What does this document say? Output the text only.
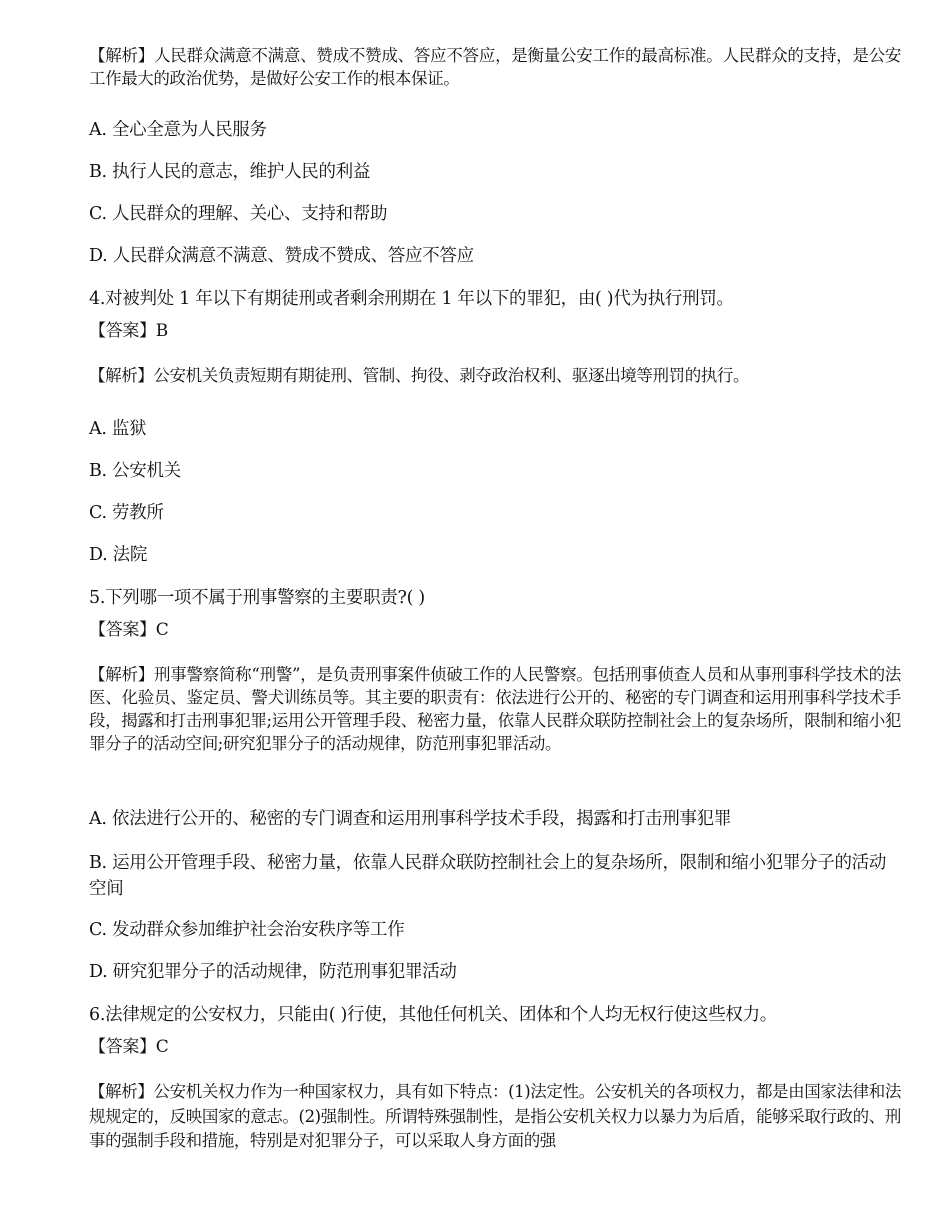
【解析】人民群众满意不满意、赞成不赞成、答应不答应，是衡量公安工作的最高标准。人民群众的支持，是公安工作最大的政治优势，是做好公安工作的根本保证。

A. 全心全意为人民服务

B. 执行人民的意志，维护人民的利益

C. 人民群众的理解、关心、支持和帮助

D. 人民群众满意不满意、赞成不赞成、答应不答应

4.对被判处 1 年以下有期徒刑或者剩余刑期在 1 年以下的罪犯，由( )代为执行刑罚。

【答案】B

【解析】公安机关负责短期有期徒刑、管制、拘役、剥夺政治权利、驱逐出境等刑罚的执行。

A. 监狱

B. 公安机关

C. 劳教所

D. 法院

5.下列哪一项不属于刑事警察的主要职责?( )

【答案】C

【解析】刑事警察简称“刑警”，是负责刑事案件侦破工作的人民警察。包括刑事侦查人员和从事刑事科学技术的法医、化验员、鉴定员、警犬训练员等。其主要的职责有：依法进行公开的、秘密的专门调查和运用刑事科学技术手段，揭露和打击刑事犯罪;运用公开管理手段、秘密力量，依靠人民群众联防控制社会上的复杂场所，限制和缩小犯罪分子的活动空间;研究犯罪分子的活动规律，防范刑事犯罪活动。

A. 依法进行公开的、秘密的专门调查和运用刑事科学技术手段，揭露和打击刑事犯罪

B. 运用公开管理手段、秘密力量，依靠人民群众联防控制社会上的复杂场所，限制和缩小犯罪分子的活动空间

C. 发动群众参加维护社会治安秩序等工作

D. 研究犯罪分子的活动规律，防范刑事犯罪活动

6.法律规定的公安权力，只能由( )行使，其他任何机关、团体和个人均无权行使这些权力。

【答案】C

【解析】公安机关权力作为一种国家权力，具有如下特点：(1)法定性。公安机关的各项权力，都是由国家法律和法规规定的，反映国家的意志。(2)强制性。所谓特殊强制性，是指公安机关权力以暴力为后盾，能够采取行政的、刑事的强制手段和措施，特别是对犯罪分子，可以采取人身方面的强
